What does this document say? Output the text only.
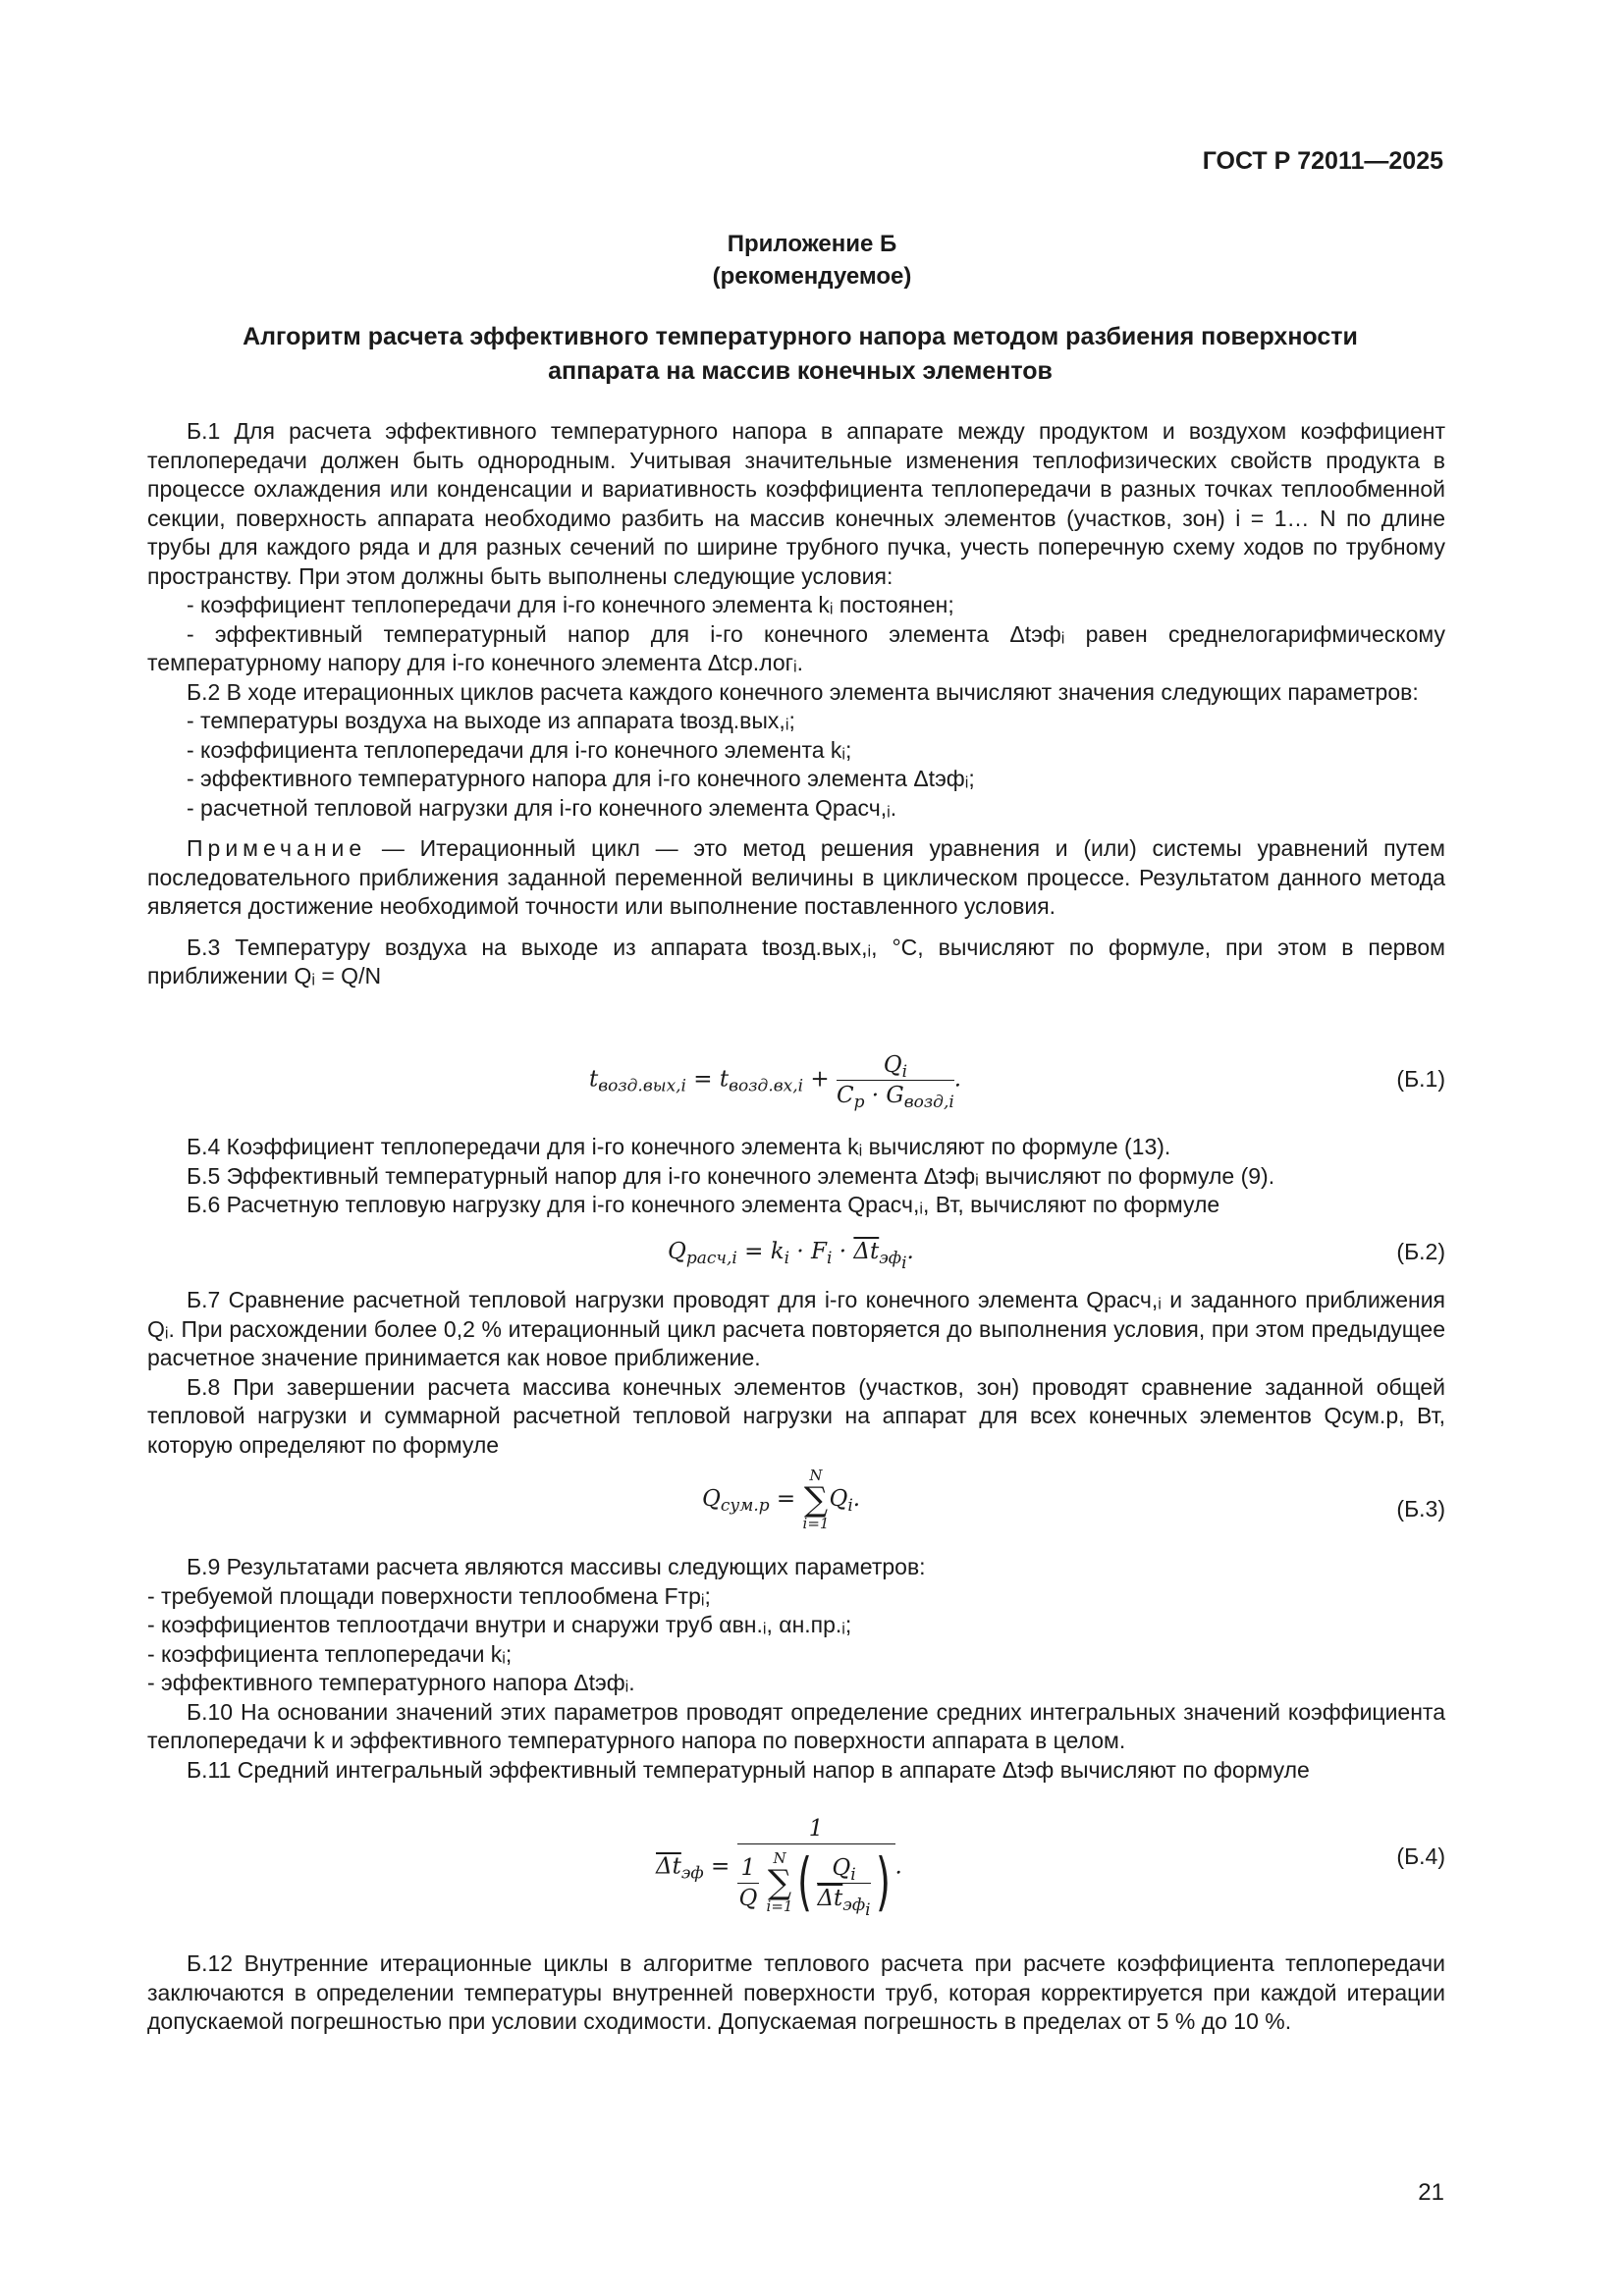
ГОСТ Р 72011—2025
Приложение Б
(рекомендуемое)
Алгоритм расчета эффективного температурного напора методом разбиения поверхности
аппарата на массив конечных элементов

Б.1 Для расчета эффективного температурного напора в аппарате между продуктом и воздухом коэффициент теплопередачи должен быть однородным. Учитывая значительные изменения теплофизических свойств продукта в процессе охлаждения или конденсации и вариативность коэффициента теплопередачи в разных точках теплообменной секции, поверхность аппарата необходимо разбить на массив конечных элементов (участков, зон) i = 1… N по длине трубы для каждого ряда и для разных сечений по ширине трубного пучка, учесть поперечную схему ходов по трубному пространству. При этом должны быть выполнены следующие условия:

- коэффициент теплопередачи для i-го конечного элемента kᵢ постоянен;

- эффективный температурный напор для i-го конечного элемента Δtэфᵢ равен среднелогарифмическому температурному напору для i-го конечного элемента Δtср.логᵢ.

Б.2 В ходе итерационных циклов расчета каждого конечного элемента вычисляют значения следующих параметров:

- температуры воздуха на выходе из аппарата tвозд.вых,ᵢ;

- коэффициента теплопередачи для i-го конечного элемента kᵢ;

- эффективного температурного напора для i-го конечного элемента Δtэфᵢ;

- расчетной тепловой нагрузки для i-го конечного элемента Qрасч,ᵢ.

Примечание — Итерационный цикл — это метод решения уравнения и (или) системы уравнений путем последовательного приближения заданной переменной величины в циклическом процессе. Результатом данного метода является достижение необходимой точности или выполнение поставленного условия.

Б.3 Температуру воздуха на выходе из аппарата tвозд.вых,ᵢ, °C, вычисляют по формуле, при этом в первом приближении Qᵢ = Q/N

$t_{возд.вых,i} = t_{возд.вх,i} + \frac{Q_i}{C_p \cdot G_{возд,i}}$ .	(Б.1)

Б.4 Коэффициент теплопередачи для i-го конечного элемента kᵢ вычисляют по формуле (13).

Б.5 Эффективный температурный напор для i-го конечного элемента Δtэфᵢ вычисляют по формуле (9).

Б.6 Расчетную тепловую нагрузку для i-го конечного элемента Qрасч,ᵢ, Вт, вычисляют по формуле

$Q_{расч,i} = k_i \cdot F_i \cdot \overline{\Delta t}_{эф_i}$.	(Б.2)

Б.7 Сравнение расчетной тепловой нагрузки проводят для i-го конечного элемента Qрасч,ᵢ и заданного приближения Qᵢ. При расхождении более 0,2 % итерационный цикл расчета повторяется до выполнения условия, при этом предыдущее расчетное значение принимается как новое приближение.

Б.8 При завершении расчета массива конечных элементов (участков, зон) проводят сравнение заданной общей тепловой нагрузки и суммарной расчетной тепловой нагрузки на аппарат для всех конечных элементов Qсум.р, Вт, которую определяют по формуле

$Q_{сум.р}$ =
N
∑
i=1
$Q_i$.	(Б.3)

Б.9 Результатами расчета являются массивы следующих параметров:

- требуемой площади поверхности теплообмена Fтрᵢ;

- коэффициентов теплоотдачи внутри и снаружи труб αвн.ᵢ, αн.пр.ᵢ;

- коэффициента теплопередачи kᵢ;

- эффективного температурного напора Δtэфᵢ.

Б.10 На основании значений этих параметров проводят определение средних интегральных значений коэффициента теплопередачи k и эффективного температурного напора по поверхности аппарата в целом.

Б.11 Средний интегральный эффективный температурный напор в аппарате Δtэф вычисляют по формуле

$\overline{\Delta t}_{эф} = 1$
$\frac{1}{Q}$
N
∑
i=1 ( $\frac{Q_i}{\overline{\Delta t}_{эф_i}}$ ) .	(Б.4)

Б.12 Внутренние итерационные циклы в алгоритме теплового расчета при расчете коэффициента теплопередачи заключаются в определении температуры внутренней поверхности труб, которая корректируется при каждой итерации допускаемой погрешностью при условии сходимости. Допускаемая погрешность в пределах от 5 % до 10 %.

21
